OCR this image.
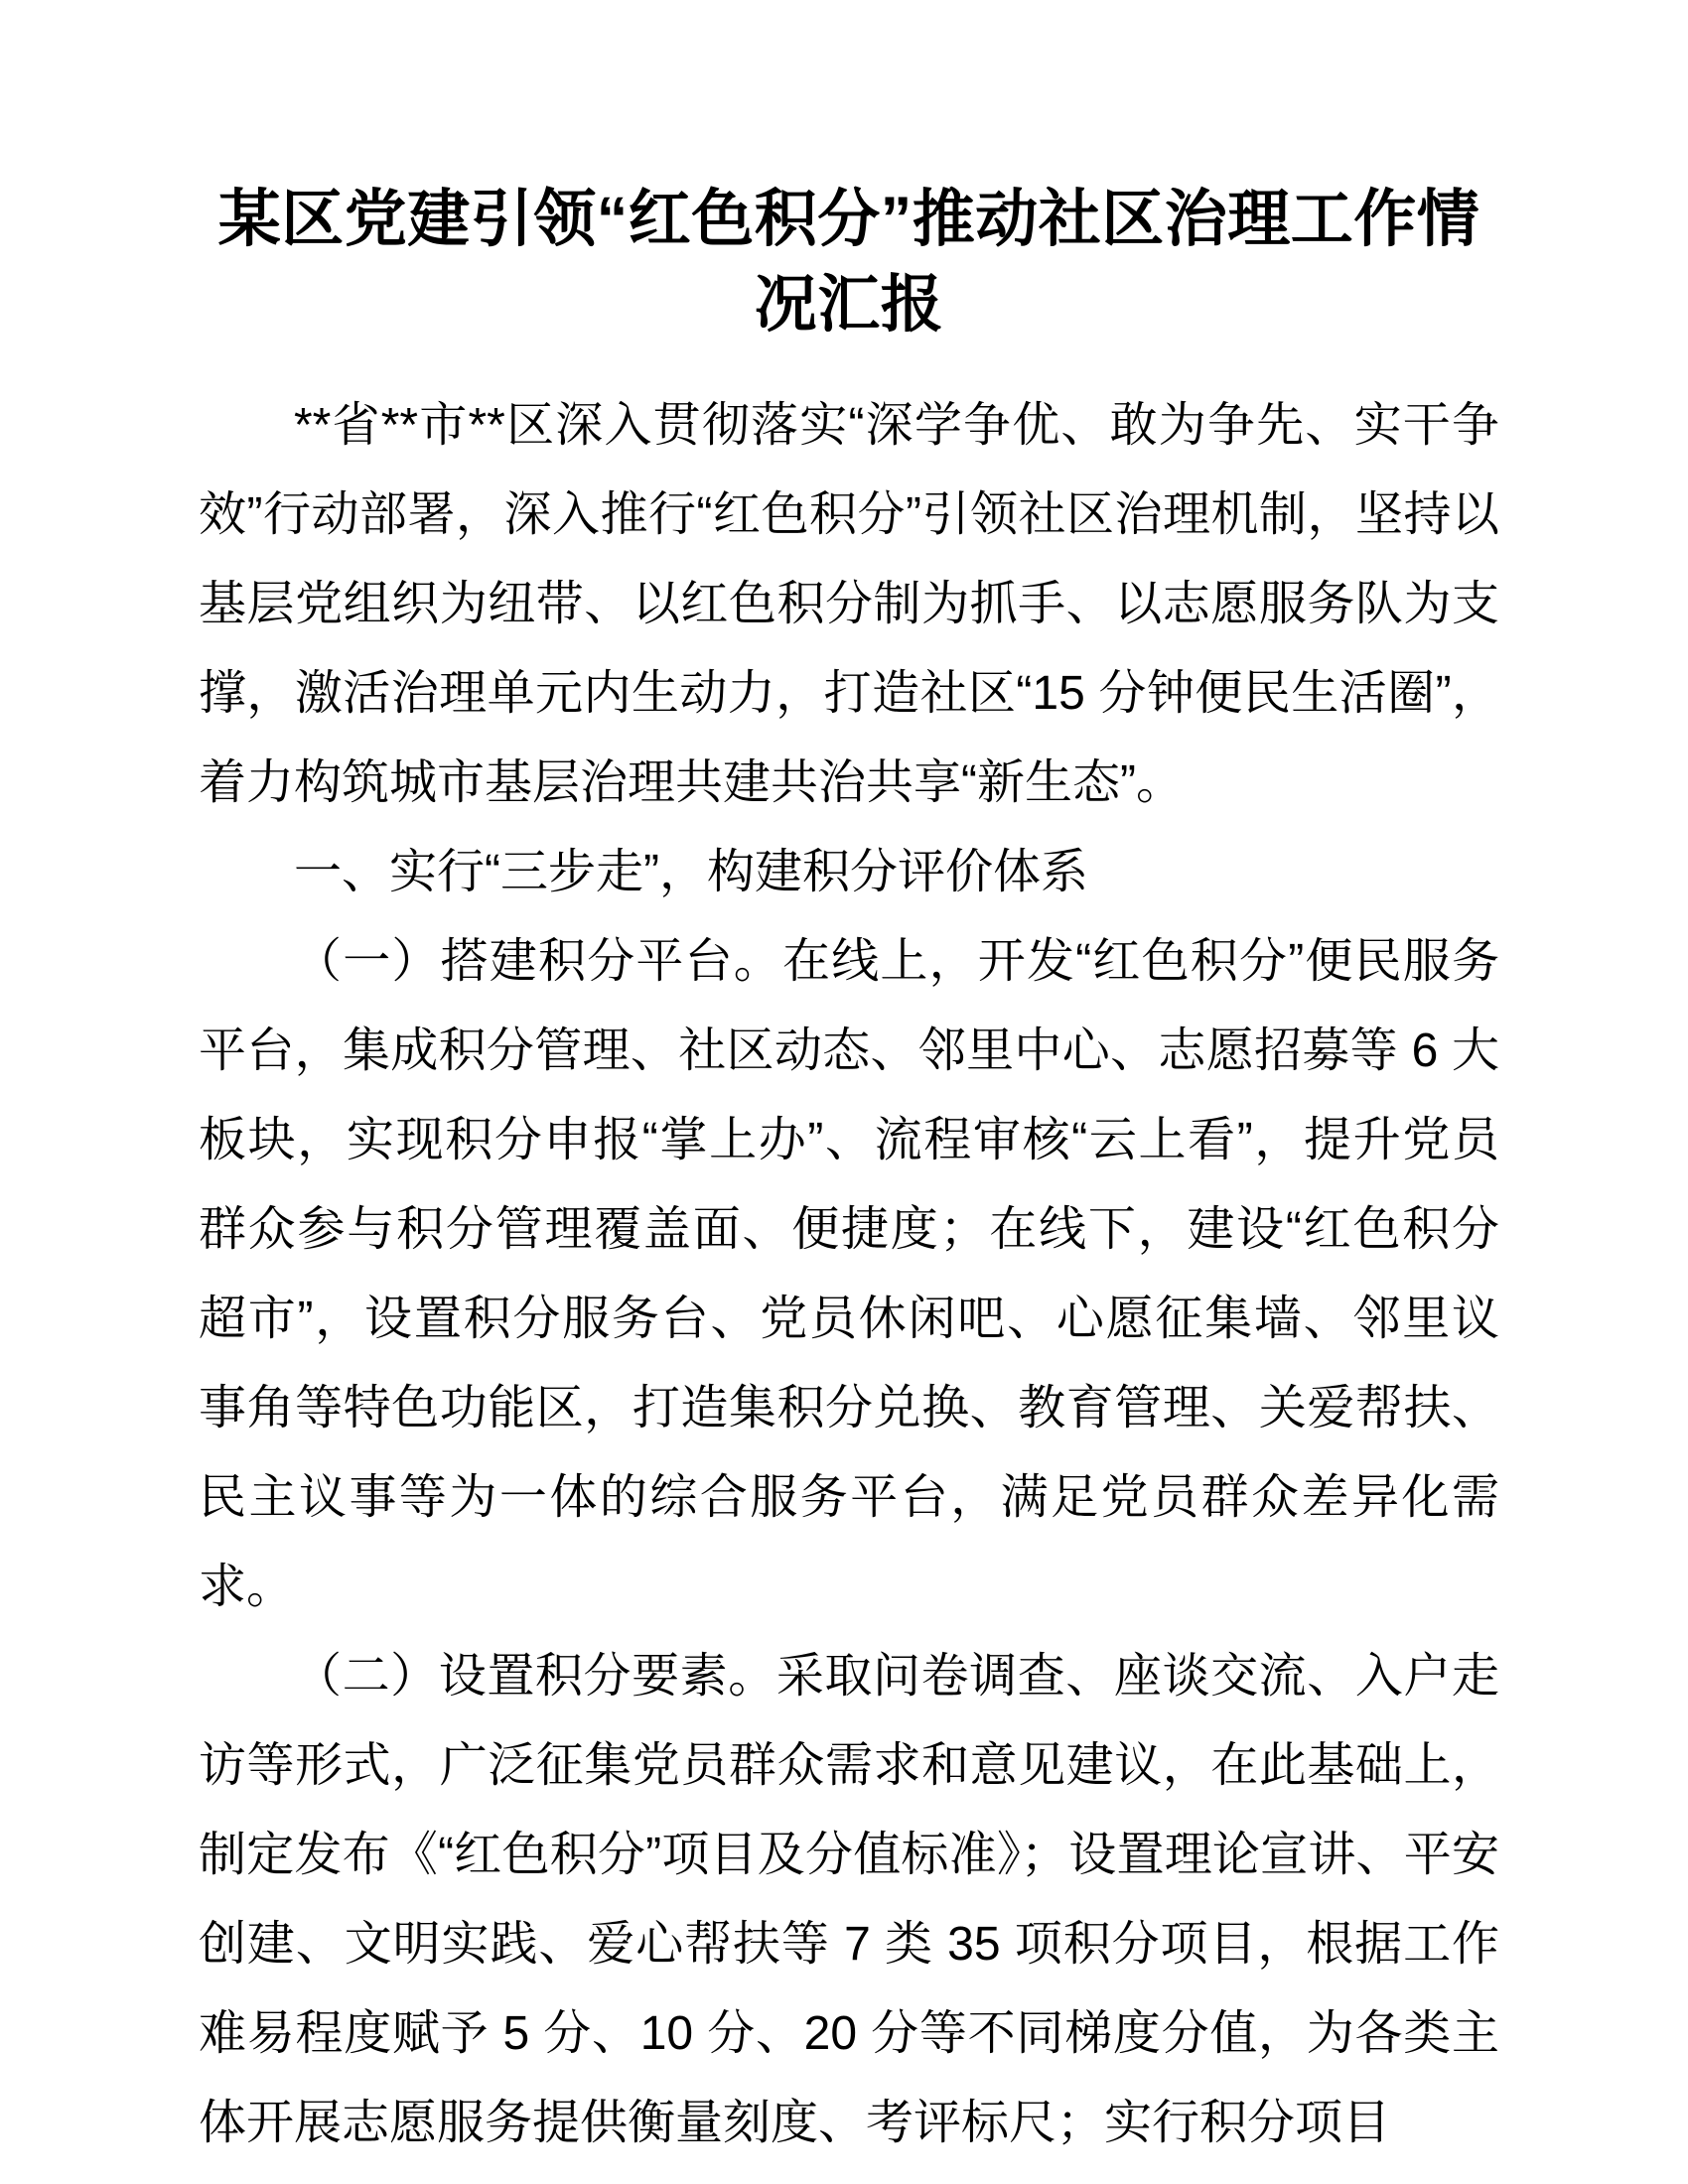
某区党建引领“红色积分”推动社区治理工作情况汇报

**省**市**区深入贯彻落实“深学争优、敢为争先、实干争效”行动部署，深入推行“红色积分”引领社区治理机制，坚持以基层党组织为纽带、以红色积分制为抓手、以志愿服务队为支撑，激活治理单元内生动力，打造社区“15 分钟便民生活圈”，着力构筑城市基层治理共建共治共享“新生态”。

一、实行“三步走”，构建积分评价体系

（一）搭建积分平台。在线上，开发“红色积分”便民服务平台，集成积分管理、社区动态、邻里中心、志愿招募等 6 大板块，实现积分申报“掌上办”、流程审核“云上看”，提升党员群众参与积分管理覆盖面、便捷度；在线下，建设“红色积分超市”，设置积分服务台、党员休闲吧、心愿征集墙、邻里议事角等特色功能区，打造集积分兑换、教育管理、关爱帮扶、民主议事等为一体的综合服务平台，满足党员群众差异化需求。

（二）设置积分要素。采取问卷调查、座谈交流、入户走访等形式，广泛征集党员群众需求和意见建议，在此基础上，制定发布《“红色积分”项目及分值标准》；设置理论宣讲、平安创建、文明实践、爱心帮扶等 7 类 35 项积分项目，根据工作难易程度赋予 5 分、10 分、20 分等不同梯度分值，为各类主体开展志愿服务提供衡量刻度、考评标尺；实行积分项目
